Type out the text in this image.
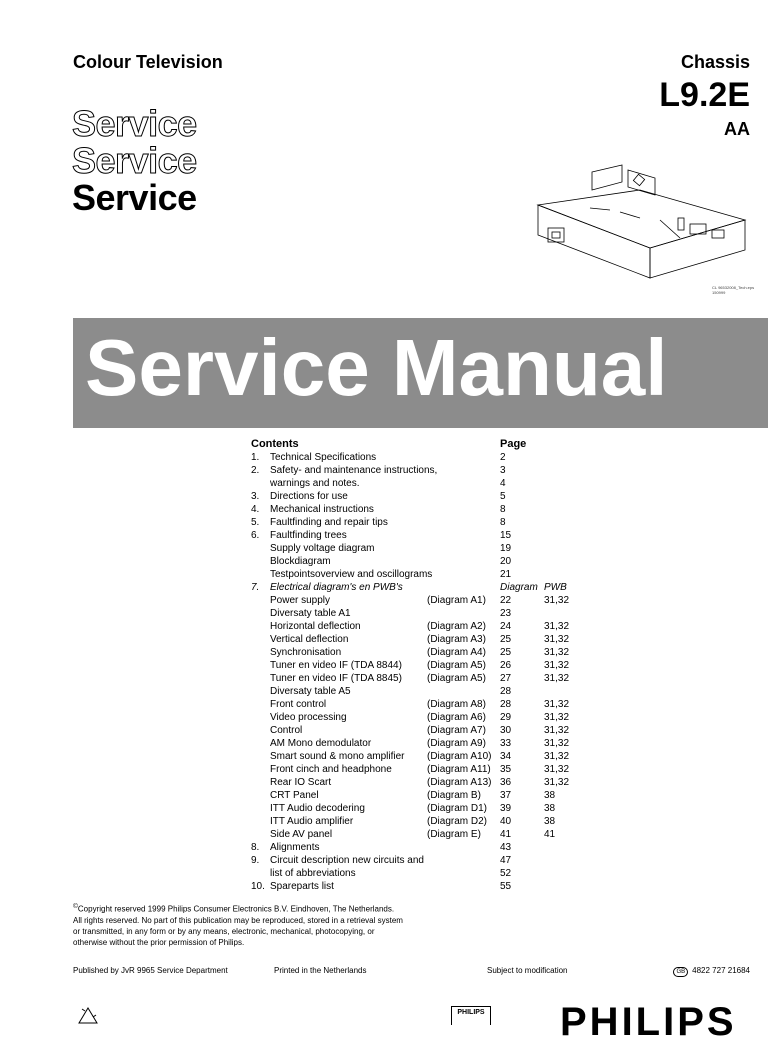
Colour Television	Chassis
L9.2E
AA
Service
Service
Service
CL 96532008_Tech.eps 150999
Service Manual
Contents	Page
1. Technical Specifications	2
2. Safety- and maintenance instructions,	3
warnings and notes.	4
3. Directions for use	5
4. Mechanical instructions	8
5. Faultfinding and repair tips	8
6. Faultfinding trees	15
Supply voltage diagram	19
Blockdiagram	20
Testpointsoverview and oscillograms	21
7. Electrical diagram's en PWB's	Diagram PWB
Power supply	(Diagram A1) 22	31,32
Diversaty table A1	23
Horizontal deflection	(Diagram A2) 24	31,32
Vertical deflection	(Diagram A3) 25	31,32
Synchronisation	(Diagram A4) 25	31,32
Tuner en video IF (TDA 8844)	(Diagram A5) 26	31,32
Tuner en video IF (TDA 8845)	(Diagram A5) 27	31,32
Diversaty table A5	28
Front control	(Diagram A8) 28	31,32
Video processing	(Diagram A6) 29	31,32
Control	(Diagram A7) 30	31,32
AM Mono demodulator	(Diagram A9) 33	31,32
Smart sound & mono amplifier (Diagram A10) 34	31,32
Front cinch and headphone	(Diagram A11) 35	31,32
Rear IO Scart	(Diagram A13) 36	31,32
CRT Panel	(Diagram B) 37	38
ITT Audio decodering	(Diagram D1) 39	38
ITT Audio amplifier	(Diagram D2) 40	38
Side AV panel	(Diagram E) 41	41
8. Alignments	43
9. Circuit description new circuits and	47
list of abbreviations	52
10. Spareparts list	55
©Copyright reserved 1999 Philips Consumer Electronics B.V. Eindhoven, The Netherlands. All rights reserved. No part of this publication may be reproduced, stored in a retrieval system or transmitted, in any form or by any means, electronic, mechanical, photocopying, or otherwise without the prior permission of Philips.
Published by JvR 9965 Service Department	Printed in the Netherlands	Subject to modification	GB 4822 727 21684
PHILIPS PHILIPS
